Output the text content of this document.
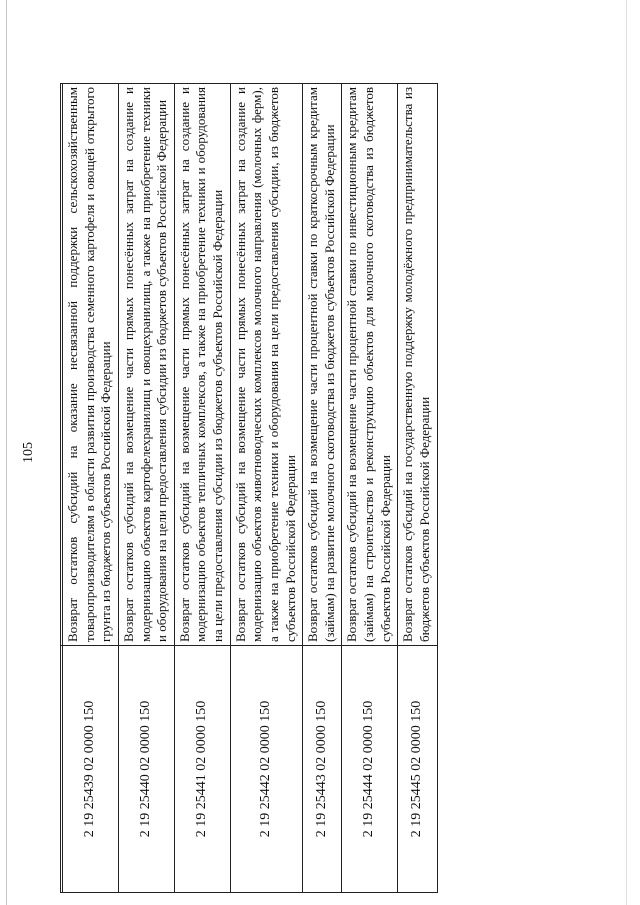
105

2 19 25439 02 0000 150	Возврат остатков субсидий на оказание несвязанной поддержки сельскохозяйственным товаропроизводителям в области развития производства семенного картофеля и овощей открытого грунта из бюджетов субъектов Российской Федерации
2 19 25440 02 0000 150	Возврат остатков субсидий на возмещение части прямых понесённых затрат на создание и модернизацию объектов картофелехранилищ и овощехранилищ, а также на приобретение техники и оборудования на цели предоставления субсидии из бюджетов субъектов Российской Федерации
2 19 25441 02 0000 150	Возврат остатков субсидий на возмещение части прямых понесённых затрат на создание и модернизацию объектов тепличных комплексов, а также на приобретение техники и оборудования на цели предоставления субсидии из бюджетов субъектов Российской Федерации
2 19 25442 02 0000 150	Возврат остатков субсидий на возмещение части прямых понесённых затрат на создание и модернизацию объектов животноводческих комплексов молочного направления (молочных ферм), а также на приобретение техники и оборудования на цели предоставления субсидии, из бюджетов субъектов Российской Федерации
2 19 25443 02 0000 150	Возврат остатков субсидий на возмещение части процентной ставки по краткосрочным кредитам (займам) на развитие молочного скотоводства из бюджетов субъектов Российской Федерации
2 19 25444 02 0000 150	Возврат остатков субсидий на возмещение части процентной ставки по инвестиционным кредитам (займам) на строительство и реконструкцию объектов для молочного скотоводства из бюджетов субъектов Российской Федерации
2 19 25445 02 0000 150	Возврат остатков субсидий на государственную поддержку молодёжного предпринимательства из бюджетов субъектов Российской Федерации
